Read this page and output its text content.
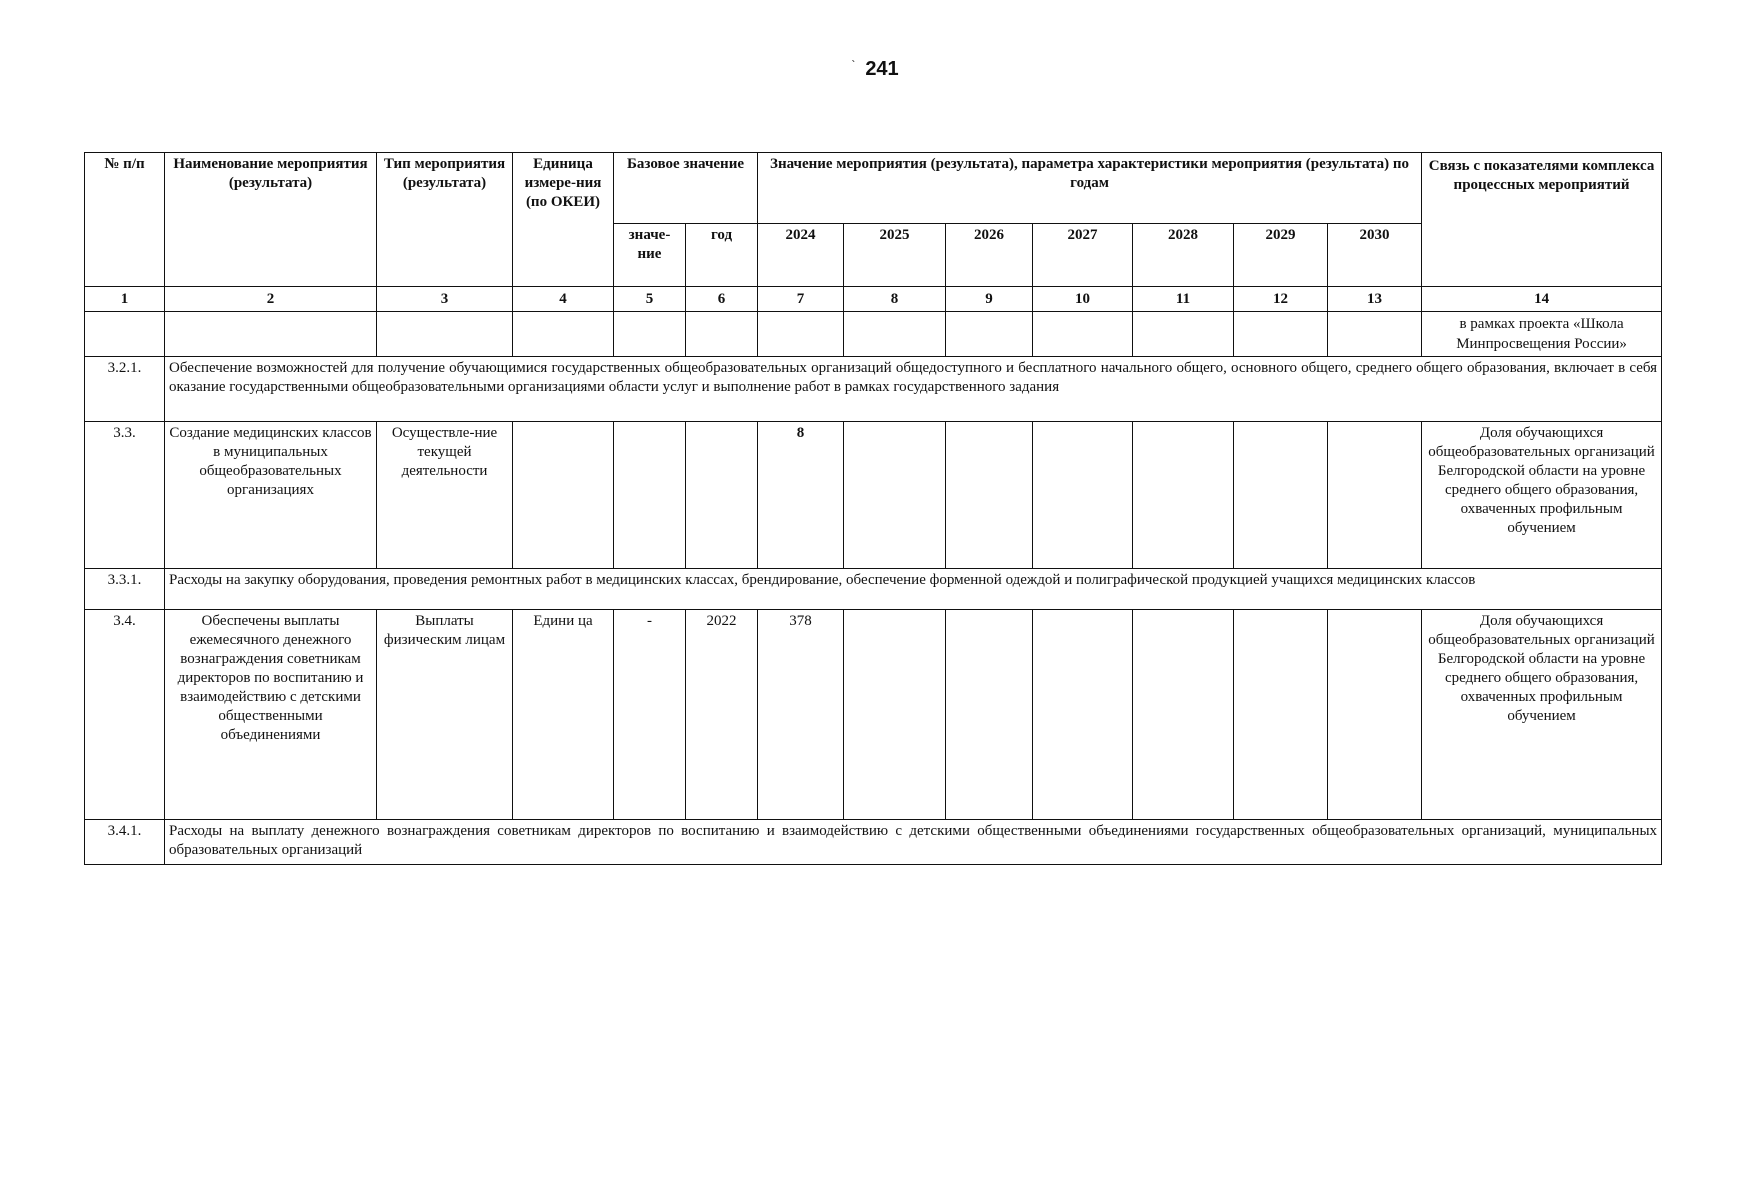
` 241
№ п/п	Наименование мероприятия (результата)	Тип мероприятия (результата)	Единица измере-ния (по ОКЕИ)	Базовое значение		Значение мероприятия (результата), параметра характеристики мероприятия (результата) по годам							Связь с показателями комплекса процессных мероприятий
				значе-ние	год	2024	2025	2026	2027	2028	2029	2030	
1	2	3	4	5	6	7	8	9	10	11	12	13	14
													в рамках проекта «Школа Минпросвещения России»
3.2.1.	Обеспечение возможностей для получение обучающимися государственных общеобразовательных организаций общедоступного и бесплатного начального общего, основного общего, среднего общего образования, включает в себя оказание государственными общеобразовательными организациями области услуг и выполнение работ в рамках государственного задания												
3.3.	Создание медицинских классов в муниципальных общеобразовательных организациях	Осуществле-ние текущей деятельности				8							Доля обучающихся общеобразовательных организаций Белгородской области на уровне среднего общего образования, охваченных профильным обучением
3.3.1.	Расходы на закупку оборудования, проведения ремонтных работ в медицинских классах, брендирование, обеспечение форменной одеждой и полиграфической продукцией учащихся медицинских классов												
3.4.	Обеспечены выплаты ежемесячного денежного вознаграждения советникам директоров по воспитанию и взаимодействию с детскими общественными объединениями	Выплаты физическим лицам	Едини ца	-	2022	378							Доля обучающихся общеобразовательных организаций Белгородской области на уровне среднего общего образования, охваченных профильным обучением
3.4.1.	Расходы на выплату денежного вознаграждения советникам директоров по воспитанию и взаимодействию с детскими общественными объединениями государственных общеобразовательных организаций, муниципальных образовательных организаций												
